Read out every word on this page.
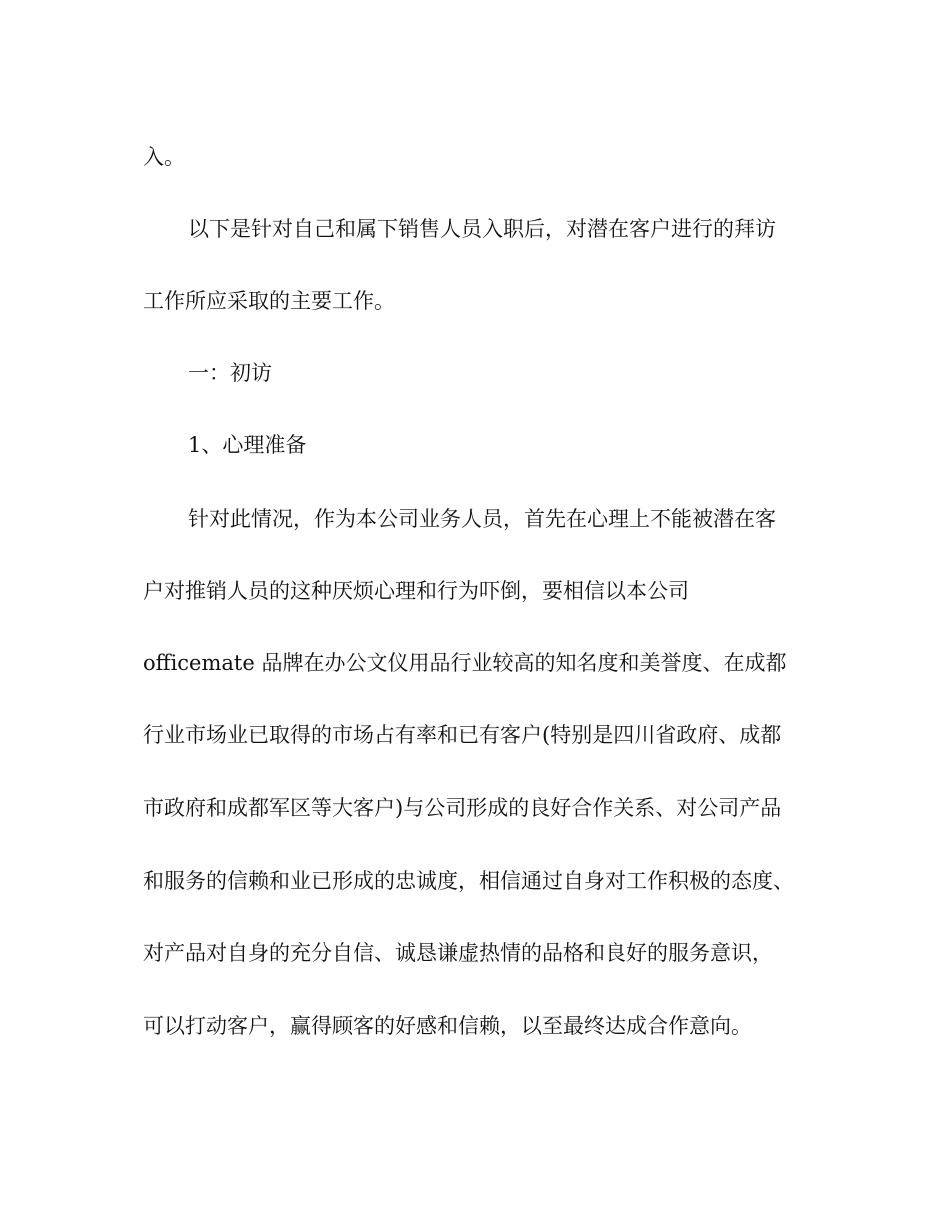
入。
以下是针对自己和属下销售人员入职后，对潜在客户进行的拜访
工作所应采取的主要工作。
一：初访
1、心理准备
针对此情况，作为本公司业务人员，首先在心理上不能被潜在客
户对推销人员的这种厌烦心理和行为吓倒，要相信以本公司
officemate 品牌在办公文仪用品行业较高的知名度和美誉度、在成都
行业市场业已取得的市场占有率和已有客户(特别是四川省政府、成都
市政府和成都军区等大客户)与公司形成的良好合作关系、对公司产品
和服务的信赖和业已形成的忠诚度，相信通过自身对工作积极的态度、
对产品对自身的充分自信、诚恳谦虚热情的品格和良好的服务意识，
可以打动客户，赢得顾客的好感和信赖，以至最终达成合作意向。
